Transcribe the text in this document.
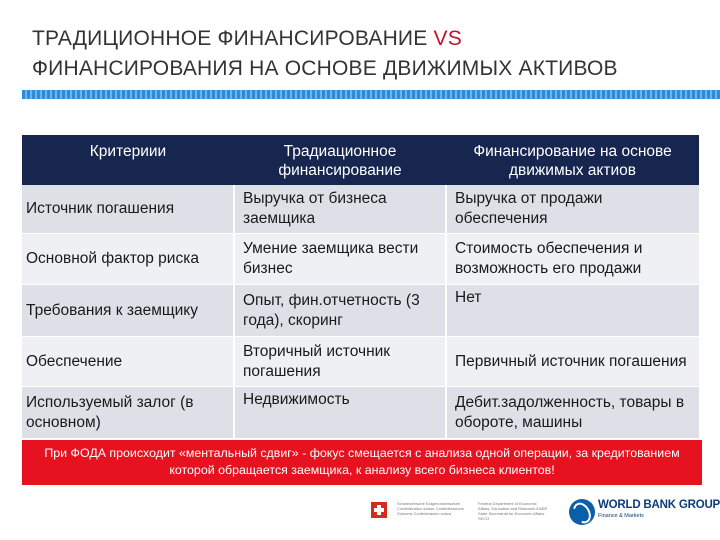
ТРАДИЦИОННОЕ ФИНАНСИРОВАНИЕ VS
ФИНАНСИРОВАНИЯ НА ОСНОВЕ ДВИЖИМЫХ АКТИВОВ
Критериии	Традиационное финансирование	Финансирование на основе движимых актиов
Источник погашения	Выручка от бизнеса заемщика	Выручка от продажи обеспечения
Основной фактор риска	Умение заемщика вести бизнес	Стоимость обеспечения и возможность его продажи
Требования к заемщику	Опыт, фин.отчетность (3 года), скоринг	Нет
Обеспечение	Вторичный источник погашения	Первичный источник погашения
Используемый залог (в основном)	Недвижимость	Дебит.задолженность, товары в обороте, машины
При ФОДА происходит «ментальный сдвиг» - фокус смещается с анализа одной операции, за кредитованием которой обращается заемщика, к анализу всего бизнеса клиентов!
Schweizerische Eidgenossenschaft Confédération suisse Confederazione Svizzera Confederaziun svizra
Federal Department of Economic Affairs, Education and Research EAER State Secretariat for Economic Affairs SECO
WORLD BANK GROUP
Finance & Markets
